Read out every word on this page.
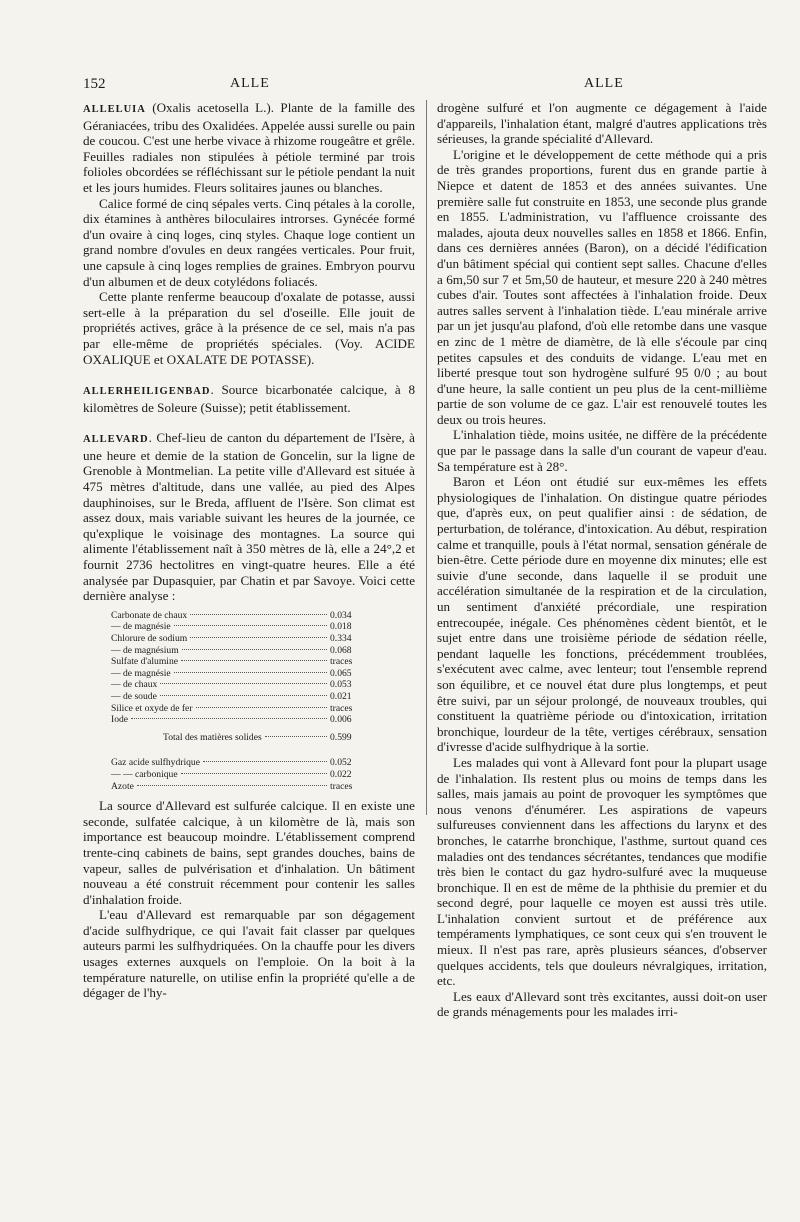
152	ALLE	ALLE

ALLELUIA (Oxalis acetosella L.). Plante de la famille des Géraniacées, tribu des Oxalidées. Appelée aussi surelle ou pain de coucou. C'est une herbe vivace à rhizome rougeâtre et grêle. Feuilles radiales non stipulées à pétiole terminé par trois folioles obcordées se réfléchissant sur le pétiole pendant la nuit et les jours humides. Fleurs solitaires jaunes ou blanches.

Calice formé de cinq sépales verts. Cinq pétales à la corolle, dix étamines à anthères biloculaires introrses. Gynécée formé d'un ovaire à cinq loges, cinq styles. Chaque loge contient un grand nombre d'ovules en deux rangées verticales. Pour fruit, une capsule à cinq loges remplies de graines. Embryon pourvu d'un albumen et de deux cotylédons foliacés.

Cette plante renferme beaucoup d'oxalate de potasse, aussi sert-elle à la préparation du sel d'oseille. Elle jouit de propriétés actives, grâce à la présence de ce sel, mais n'a pas par elle-même de propriétés spéciales. (Voy. ACIDE OXALIQUE et OXALATE DE POTASSE).

ALLERHEILIGENBAD. Source bicarbonatée calcique, à 8 kilomètres de Soleure (Suisse); petit établissement.

ALLEVARD. Chef-lieu de canton du département de l'Isère, à une heure et demie de la station de Goncelin, sur la ligne de Grenoble à Montmelian. La petite ville d'Allevard est située à 475 mètres d'altitude, dans une vallée, au pied des Alpes dauphinoises, sur le Breda, affluent de l'Isère. Son climat est assez doux, mais variable suivant les heures de la journée, ce qu'explique le voisinage des montagnes. La source qui alimente l'établissement naît à 350 mètres de là, elle a 24°,2 et fournit 2736 hectolitres en vingt-quatre heures. Elle a été analysée par Dupasquier, par Chatin et par Savoye. Voici cette dernière analyse :

Carbonate de chaux	0.034
— de magnésie	0.018
Chlorure de sodium	0.334
— de magnésium	0.068
Sulfate d'alumine	traces
— de magnésie	0.065
— de chaux	0.053
— de soude	0.021
Silice et oxyde de fer	traces
Iode	0.006
Total des matières solides	0.599
Gaz acide sulfhydrique	0.052
— — carbonique	0.022
Azote	traces

La source d'Allevard est sulfurée calcique. Il en existe une seconde, sulfatée calcique, à un kilomètre de là, mais son importance est beaucoup moindre. L'établissement comprend trente-cinq cabinets de bains, sept grandes douches, bains de vapeur, salles de pulvérisation et d'inhalation. Un bâtiment nouveau a été construit récemment pour contenir les salles d'inhalation froide.

L'eau d'Allevard est remarquable par son dégagement d'acide sulfhydrique, ce qui l'avait fait classer par quelques auteurs parmi les sulfhydriquées. On la chauffe pour les divers usages externes auxquels on l'emploie. On la boit à la température naturelle, on utilise enfin la propriété qu'elle a de dégager de l'hy-

drogène sulfuré et l'on augmente ce dégagement à l'aide d'appareils, l'inhalation étant, malgré d'autres applications très sérieuses, la grande spécialité d'Allevard.

L'origine et le développement de cette méthode qui a pris de très grandes proportions, furent dus en grande partie à Niepce et datent de 1853 et des années suivantes. Une première salle fut construite en 1853, une seconde plus grande en 1855. L'administration, vu l'affluence croissante des malades, ajouta deux nouvelles salles en 1858 et 1866. Enfin, dans ces dernières années (Baron), on a décidé l'édification d'un bâtiment spécial qui contient sept salles. Chacune d'elles a 6m,50 sur 7 et 5m,50 de hauteur, et mesure 220 à 240 mètres cubes d'air. Toutes sont affectées à l'inhalation froide. Deux autres salles servent à l'inhalation tiède. L'eau minérale arrive par un jet jusqu'au plafond, d'où elle retombe dans une vasque en zinc de 1 mètre de diamètre, de là elle s'écoule par cinq petites capsules et des conduits de vidange. L'eau met en liberté presque tout son hydrogène sulfuré 95 0/0 ; au bout d'une heure, la salle contient un peu plus de la cent-millième partie de son volume de ce gaz. L'air est renouvelé toutes les deux ou trois heures.

L'inhalation tiède, moins usitée, ne diffère de la précédente que par le passage dans la salle d'un courant de vapeur d'eau. Sa température est à 28°.

Baron et Léon ont étudié sur eux-mêmes les effets physiologiques de l'inhalation. On distingue quatre périodes que, d'après eux, on peut qualifier ainsi : de sédation, de perturbation, de tolérance, d'intoxication. Au début, respiration calme et tranquille, pouls à l'état normal, sensation générale de bien-être. Cette période dure en moyenne dix minutes; elle est suivie d'une seconde, dans laquelle il se produit une accélération simultanée de la respiration et de la circulation, un sentiment d'anxiété précordiale, une respiration entrecoupée, inégale. Ces phénomènes cèdent bientôt, et le sujet entre dans une troisième période de sédation réelle, pendant laquelle les fonctions, précédemment troublées, s'exécutent avec calme, avec lenteur; tout l'ensemble reprend son équilibre, et ce nouvel état dure plus longtemps, et peut être suivi, par un séjour prolongé, de nouveaux troubles, qui constituent la quatrième période ou d'intoxication, irritation bronchique, lourdeur de la tête, vertiges cérébraux, sensation d'ivresse d'acide sulfhydrique à la sortie.

Les malades qui vont à Allevard font pour la plupart usage de l'inhalation. Ils restent plus ou moins de temps dans les salles, mais jamais au point de provoquer les symptômes que nous venons d'énumérer. Les aspirations de vapeurs sulfureuses conviennent dans les affections du larynx et des bronches, le catarrhe bronchique, l'asthme, surtout quand ces maladies ont des tendances sécrétantes, tendances que modifie très bien le contact du gaz hydro-sulfuré avec la muqueuse bronchique. Il en est de même de la phthisie du premier et du second degré, pour laquelle ce moyen est aussi très utile. L'inhalation convient surtout et de préférence aux tempéraments lymphatiques, ce sont ceux qui s'en trouvent le mieux. Il n'est pas rare, après plusieurs séances, d'observer quelques accidents, tels que douleurs névralgiques, irritation, etc.

Les eaux d'Allevard sont très excitantes, aussi doit-on user de grands ménagements pour les malades irri-
